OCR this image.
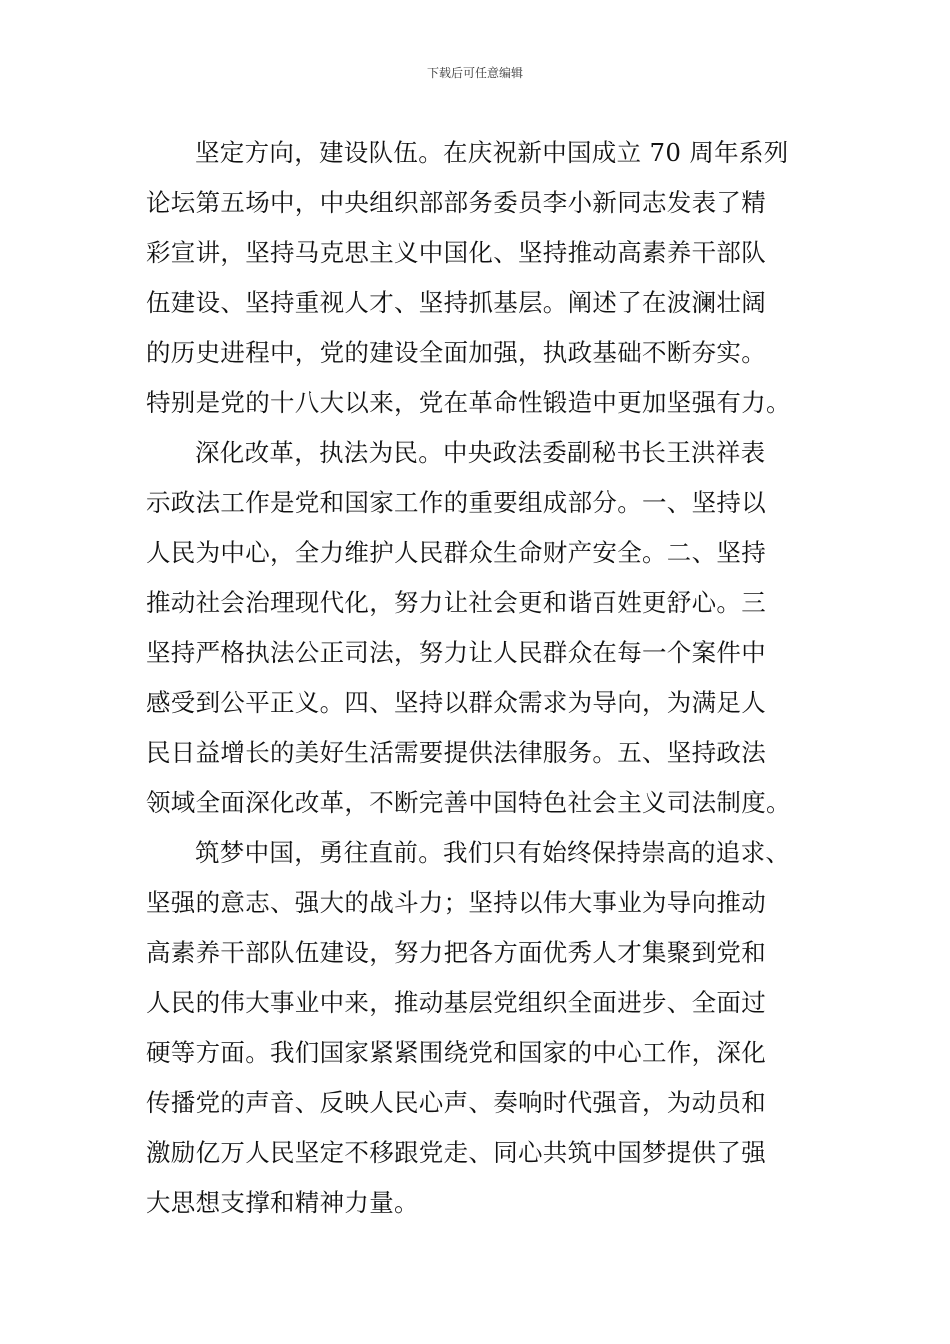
下载后可任意编辑
坚定方向，建设队伍。在庆祝新中国成立 70 周年系列
论坛第五场中，中央组织部部务委员李小新同志发表了精
彩宣讲，坚持马克思主义中国化、坚持推动高素养干部队
伍建设、坚持重视人才、坚持抓基层。阐述了在波澜壮阔
的历史进程中，党的建设全面加强，执政基础不断夯实。
特别是党的十八大以来，党在革命性锻造中更加坚强有力。
深化改革，执法为民。中央政法委副秘书长王洪祥表
示政法工作是党和国家工作的重要组成部分。一、坚持以
人民为中心，全力维护人民群众生命财产安全。二、坚持
推动社会治理现代化，努力让社会更和谐百姓更舒心。三
坚持严格执法公正司法，努力让人民群众在每一个案件中
感受到公平正义。四、坚持以群众需求为导向，为满足人
民日益增长的美好生活需要提供法律服务。五、坚持政法
领域全面深化改革，不断完善中国特色社会主义司法制度。
筑梦中国，勇往直前。我们只有始终保持崇高的追求、
坚强的意志、强大的战斗力；坚持以伟大事业为导向推动
高素养干部队伍建设，努力把各方面优秀人才集聚到党和
人民的伟大事业中来，推动基层党组织全面进步、全面过
硬等方面。我们国家紧紧围绕党和国家的中心工作，深化
传播党的声音、反映人民心声、奏响时代强音，为动员和
激励亿万人民坚定不移跟党走、同心共筑中国梦提供了强
大思想支撑和精神力量。
